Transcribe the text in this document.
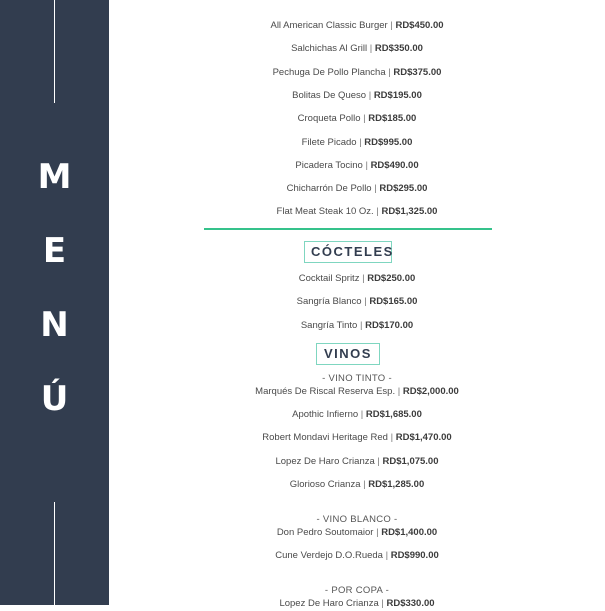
M
E
N
Ú
All American Classic Burger | RD$450.00
Salchichas Al Grill | RD$350.00
Pechuga De Pollo Plancha | RD$375.00
Bolitas De Queso | RD$195.00
Croqueta Pollo | RD$185.00
Filete Picado | RD$995.00
Picadera Tocino | RD$490.00
Chicharrón De Pollo | RD$295.00
Flat Meat Steak 10 Oz. | RD$1,325.00
CÓCTELES
Cocktail Spritz | RD$250.00
Sangría Blanco | RD$165.00
Sangría Tinto | RD$170.00
VINOS
- VINO TINTO -
Marqués De Riscal Reserva Esp. | RD$2,000.00
Apothic Infierno | RD$1,685.00
Robert Mondavi Heritage Red | RD$1,470.00
Lopez De Haro Crianza | RD$1,075.00
Glorioso Crianza | RD$1,285.00
- VINO BLANCO -
Don Pedro Soutomaior | RD$1,400.00
Cune Verdejo D.O.Rueda | RD$990.00
- POR COPA -
Lopez De Haro Crianza | RD$330.00
